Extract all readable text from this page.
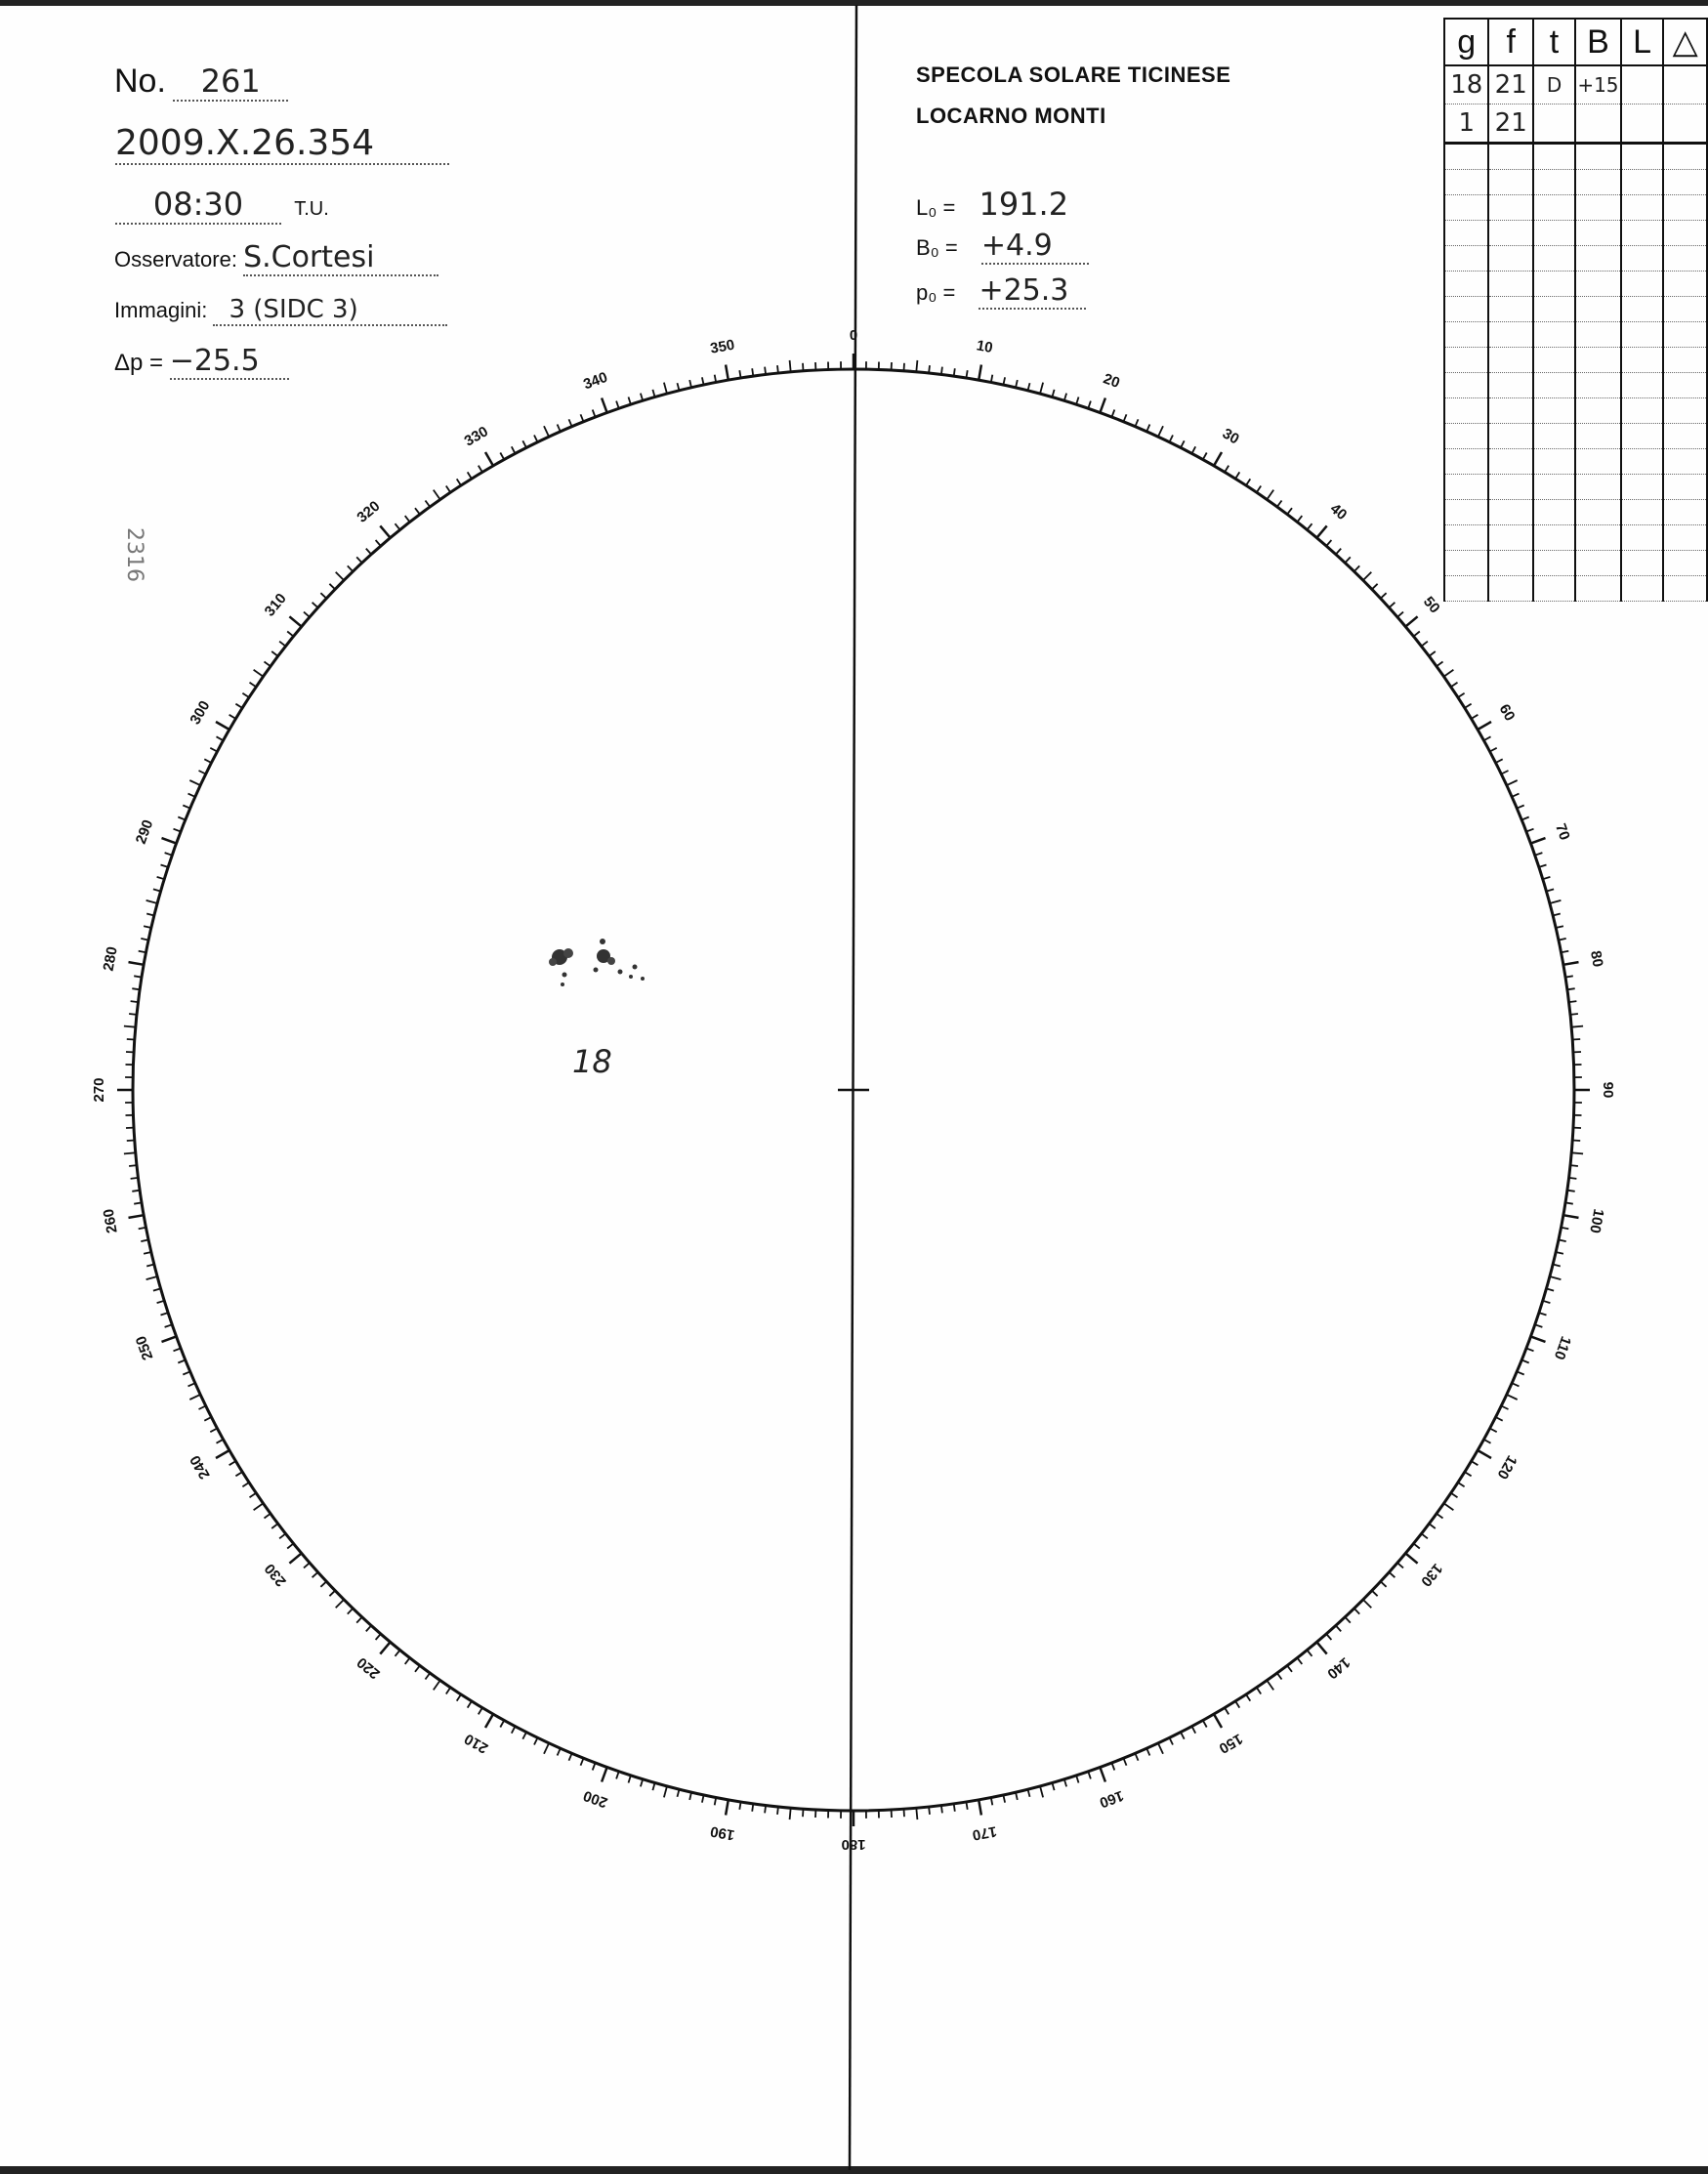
0
10
20
30
40
50
60
70
80
90
100
110
120
130
140
150
160
170
180
190
200
210
220
230
240
250
260
270
280
290
300
310
320
330
340
350
No. 261
2009.X.26.354
08:30	T.U.
Osservatore: S.Cortesi
Immagini: 3 (SIDC 3)
Δp = −25.5
SPECOLA SOLARE TICINESE
LOCARNO MONTI
L₀ = 191.2
B₀ = +4.9
p₀ = +25.3
2316
18
g	f	t	B	L	△
18	21	D	+15		
1	21				
